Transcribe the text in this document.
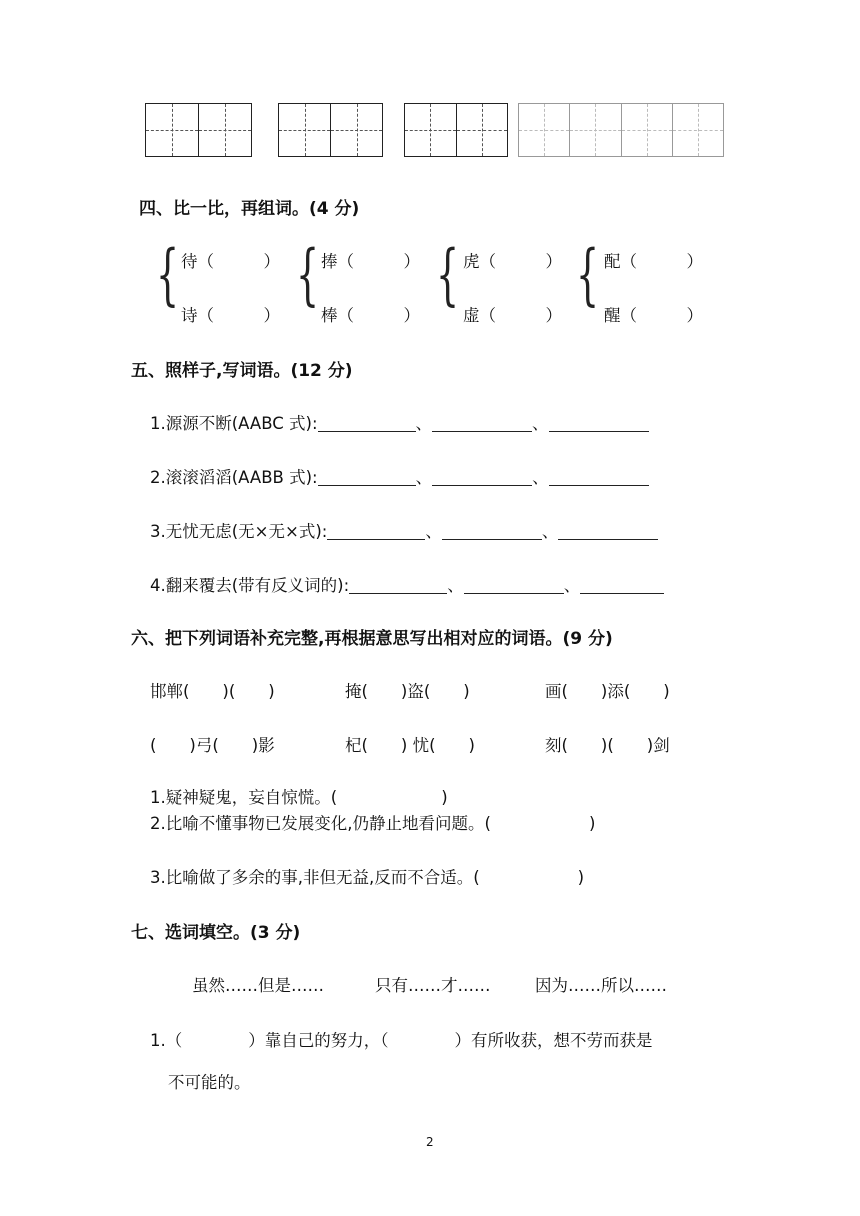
四、比一比，再组词。(4 分)
{ { { {
待（　　　）
诗（　　　）
捧（　　　）
棒（　　　）
虎（　　　）
虚（　　　）
配（　　　）
醒（　　　）
五、照样子,写词语。(12 分)
1.源源不断(AABC 式):	、	、
2.滚滚滔滔(AABB 式):	、	、
3.无忧无虑(无×无×式):	、	、
4.翻来覆去(带有反义词的):	、	、
六、把下列词语补充完整,再根据意思写出相对应的词语。(9 分)
邯郸(　　)(　　)	掩(　　)盗(　　)	画(　　)添(　　)
(　　)弓(　　)影	杞(　　) 忧(　　)	刻(　　)(　　)剑
1.疑神疑鬼，妄自惊慌。(	)
2.比喻不懂事物已发展变化,仍静止地看问题。(	)
3.比喻做了多余的事,非但无益,反而不合适。(	)
七、选词填空。(3 分)
虽然……但是……	只有……才……	因为……所以……
1.（　　　　）靠自己的努力，（　　　　）有所收获，想不劳而获是
不可能的。
2
